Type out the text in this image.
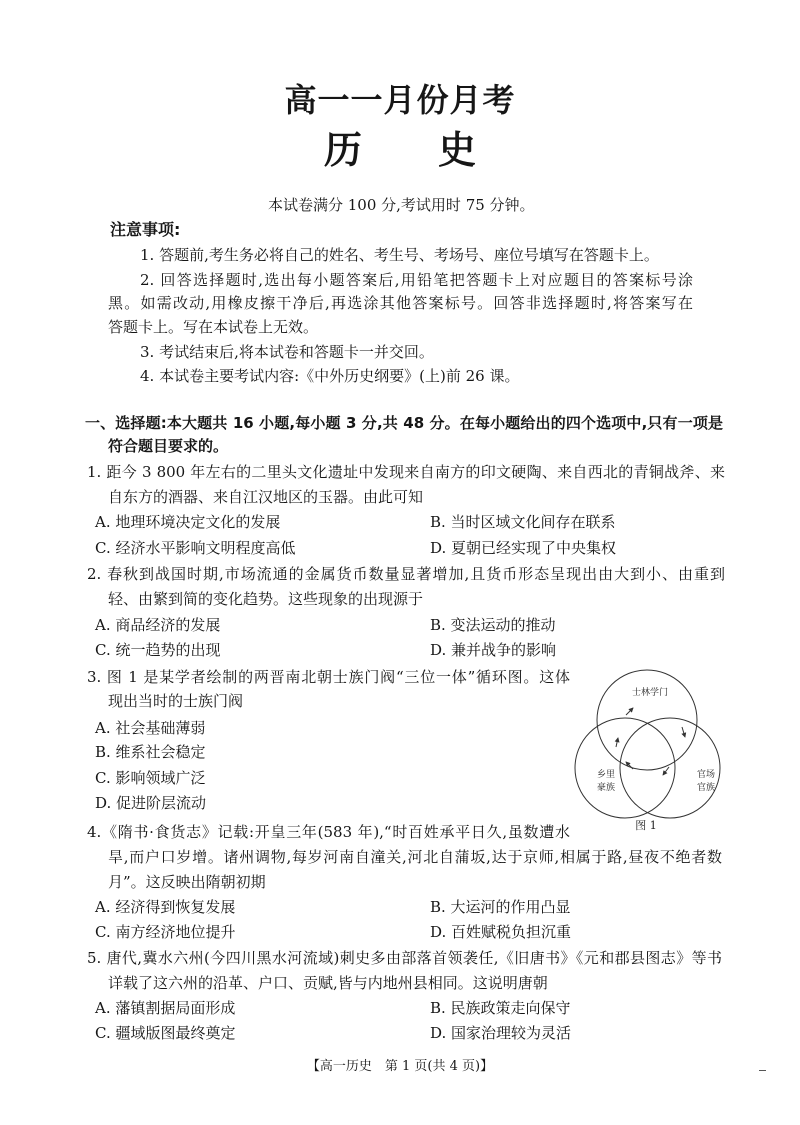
高一一月份月考
历　　史
本试卷满分 100 分,考试用时 75 分钟。
注意事项:
1. 答题前,考生务必将自己的姓名、考生号、考场号、座位号填写在答题卡上。
2. 回答选择题时,选出每小题答案后,用铅笔把答题卡上对应题目的答案标号涂
黑。如需改动,用橡皮擦干净后,再选涂其他答案标号。回答非选择题时,将答案写在
答题卡上。写在本试卷上无效。
3. 考试结束后,将本试卷和答题卡一并交回。
4. 本试卷主要考试内容:《中外历史纲要》(上)前 26 课。
一、选择题:本大题共 16 小题,每小题 3 分,共 48 分。在每小题给出的四个选项中,只有一项是
符合题目要求的。
1. 距今 3 800 年左右的二里头文化遗址中发现来自南方的印文硬陶、来自西北的青铜战斧、来
自东方的酒器、来自江汉地区的玉器。由此可知
A. 地理环境决定文化的发展	B. 当时区域文化间存在联系
C. 经济水平影响文明程度高低	D. 夏朝已经实现了中央集权
2. 春秋到战国时期,市场流通的金属货币数量显著增加,且货币形态呈现出由大到小、由重到
轻、由繁到简的变化趋势。这些现象的出现源于
A. 商品经济的发展	B. 变法运动的推动
C. 统一趋势的出现	D. 兼并战争的影响
3. 图 1 是某学者绘制的两晋南北朝士族门阀“三位一体”循环图。这体
现出当时的士族门阀
A. 社会基础薄弱
B. 维系社会稳定
C. 影响领域广泛
D. 促进阶层流动
士林学门
乡里
豪族
官场
官族
图 1
4.《隋书·食货志》记载:开皇三年(583 年),“时百姓承平日久,虽数遭水
旱,而户口岁增。诸州调物,每岁河南自潼关,河北自蒲坂,达于京师,相属于路,昼夜不绝者数
月”。这反映出隋朝初期
A. 经济得到恢复发展	B. 大运河的作用凸显
C. 南方经济地位提升	D. 百姓赋税负担沉重
5. 唐代,冀水六州(今四川黑水河流域)刺史多由部落首领袭任,《旧唐书》《元和郡县图志》等书
详载了这六州的沿革、户口、贡赋,皆与内地州县相同。这说明唐朝
A. 藩镇割据局面形成	B. 民族政策走向保守
C. 疆域版图最终奠定	D. 国家治理较为灵活
【高一历史　第 1 页(共 4 页)】
